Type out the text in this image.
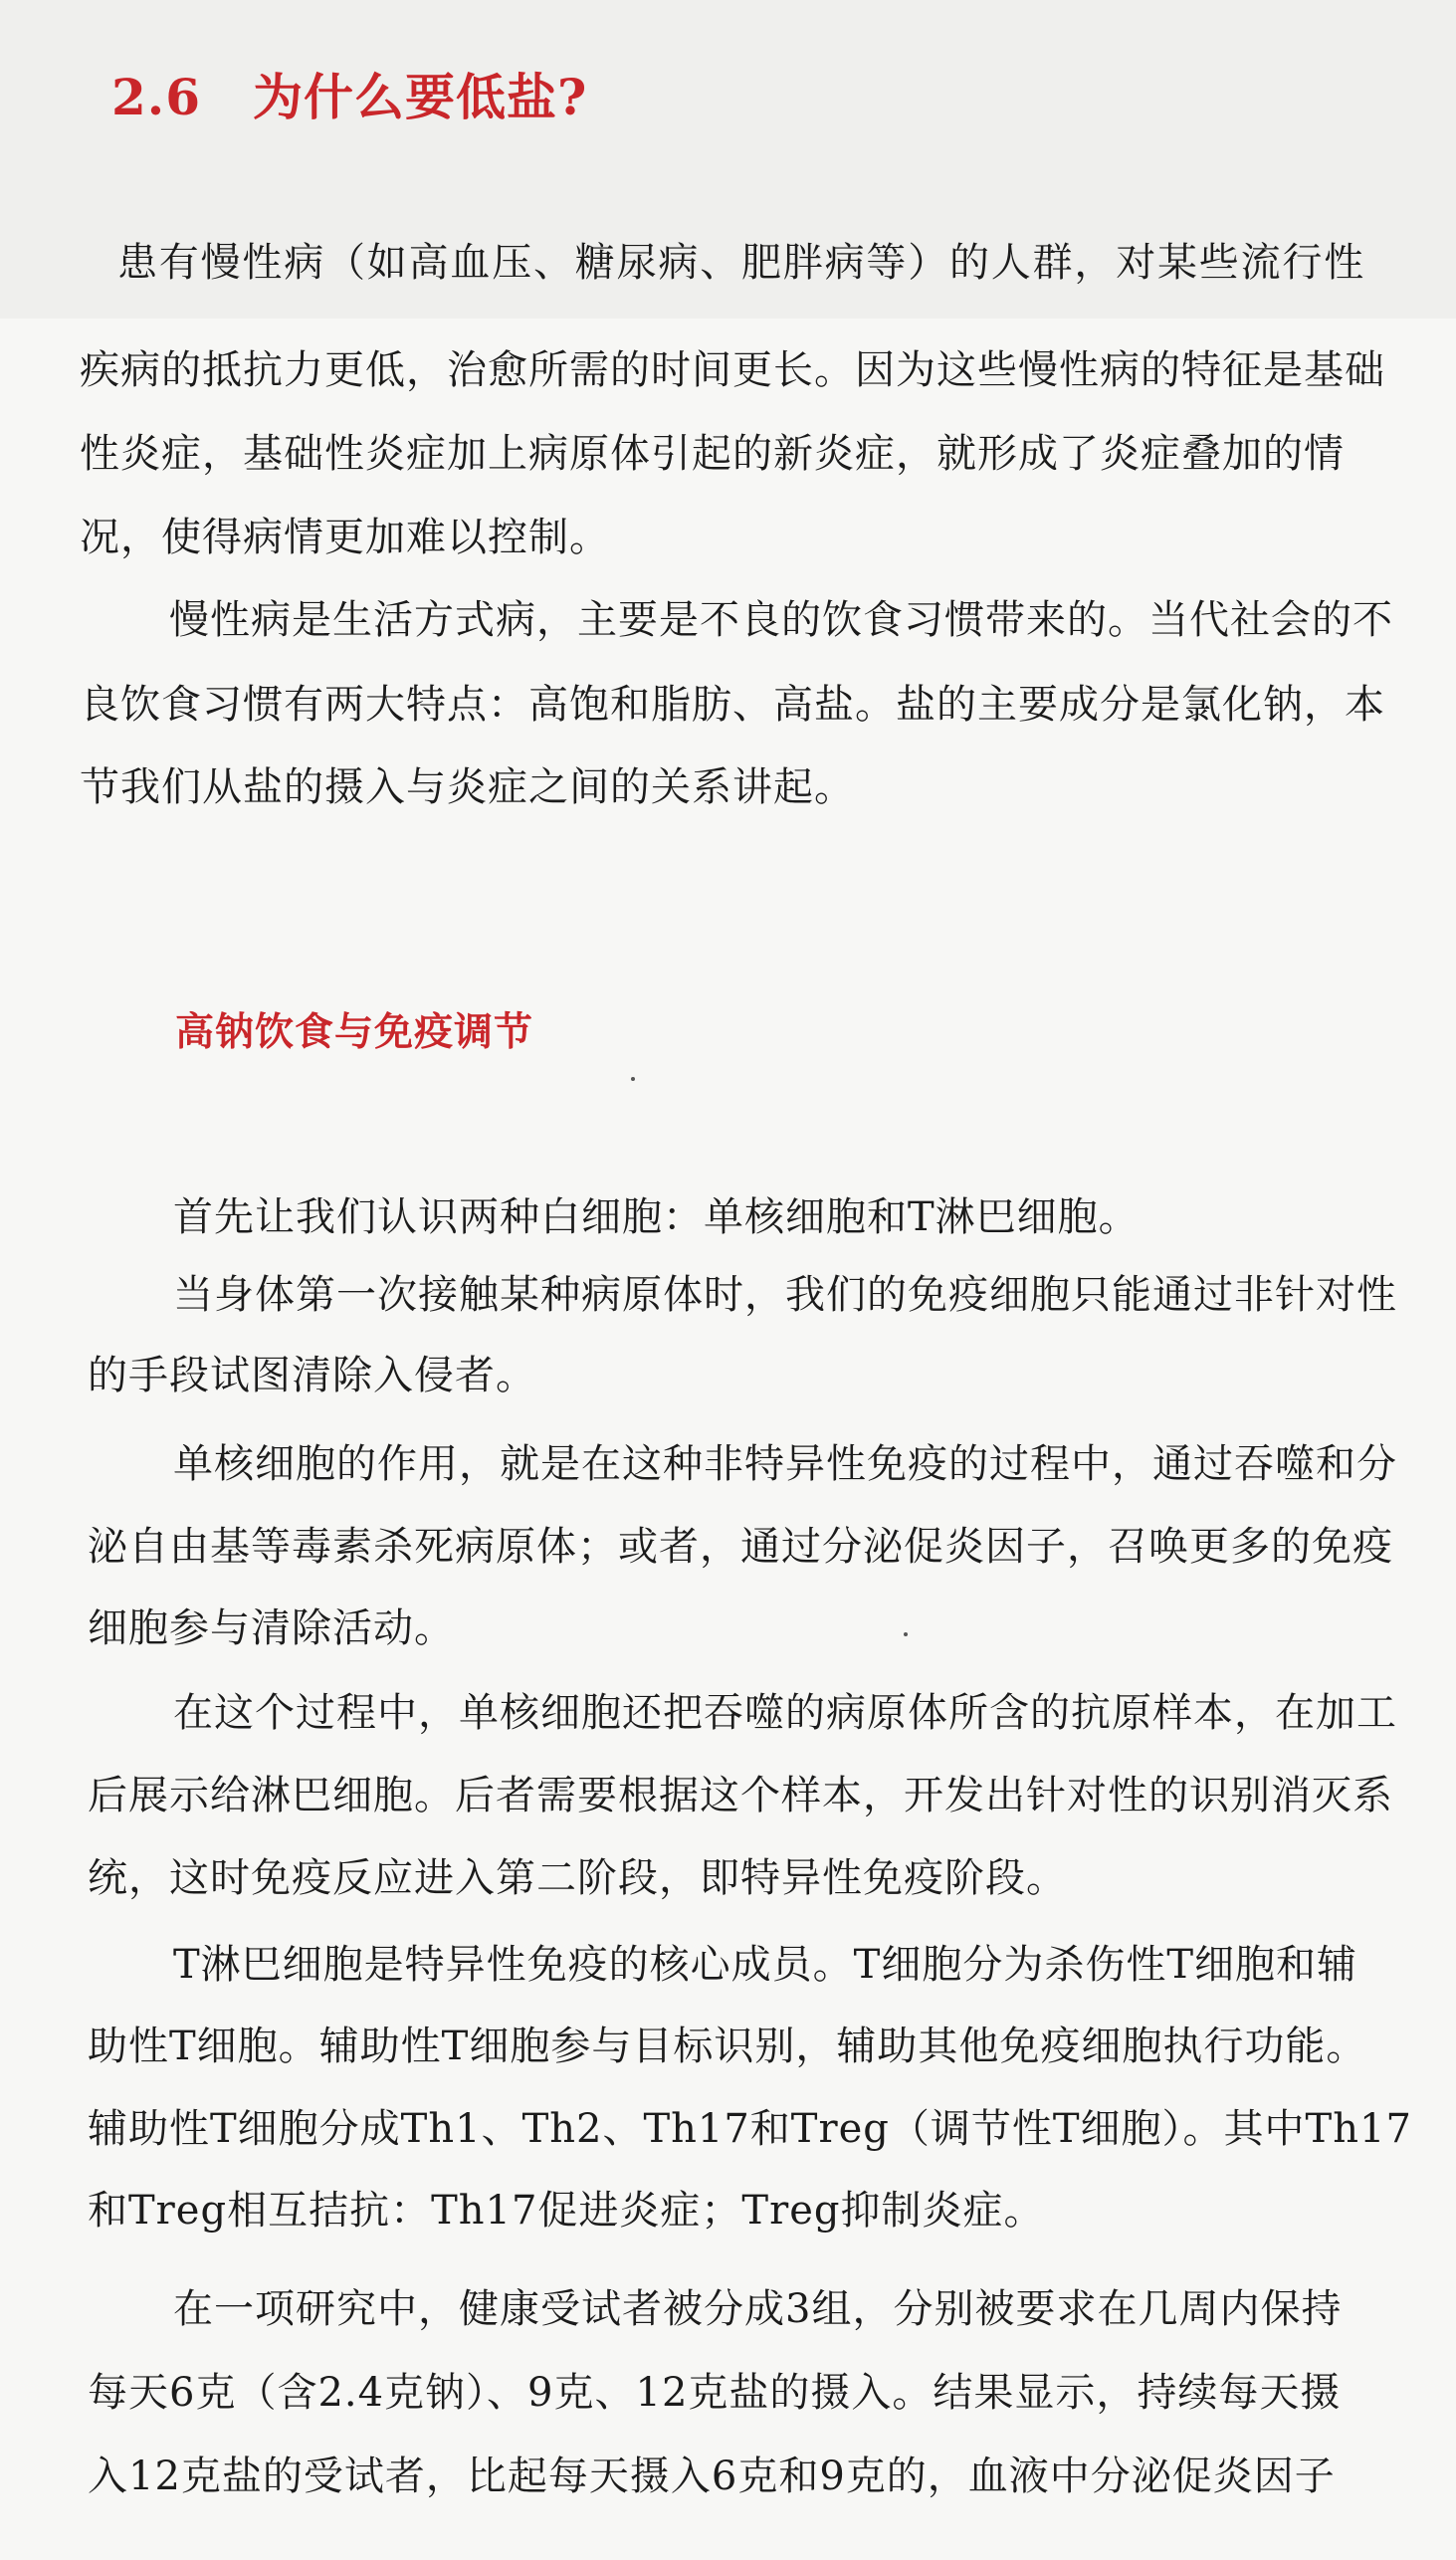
2.6 为什么要低盐?
患有慢性病（如高血压、糖尿病、肥胖病等）的人群，对某些流行性
疾病的抵抗力更低，治愈所需的时间更长。因为这些慢性病的特征是基础
性炎症，基础性炎症加上病原体引起的新炎症，就形成了炎症叠加的情
况，使得病情更加难以控制。
慢性病是生活方式病，主要是不良的饮食习惯带来的。当代社会的不
良饮食习惯有两大特点：高饱和脂肪、高盐。盐的主要成分是氯化钠，本
节我们从盐的摄入与炎症之间的关系讲起。
高钠饮食与免疫调节
首先让我们认识两种白细胞：单核细胞和T淋巴细胞。
当身体第一次接触某种病原体时，我们的免疫细胞只能通过非针对性
的手段试图清除入侵者。
单核细胞的作用，就是在这种非特异性免疫的过程中，通过吞噬和分
泌自由基等毒素杀死病原体；或者，通过分泌促炎因子，召唤更多的免疫
细胞参与清除活动。
在这个过程中，单核细胞还把吞噬的病原体所含的抗原样本，在加工
后展示给淋巴细胞。后者需要根据这个样本，开发出针对性的识别消灭系
统，这时免疫反应进入第二阶段，即特异性免疫阶段。
T淋巴细胞是特异性免疫的核心成员。T细胞分为杀伤性T细胞和辅
助性T细胞。辅助性T细胞参与目标识别，辅助其他免疫细胞执行功能。
辅助性T细胞分成Th1、Th2、Th17和Treg（调节性T细胞）。其中Th17
和Treg相互拮抗：Th17促进炎症；Treg抑制炎症。
在一项研究中，健康受试者被分成3组，分别被要求在几周内保持
每天6克（含2.4克钠）、9克、12克盐的摄入。结果显示，持续每天摄
入12克盐的受试者，比起每天摄入6克和9克的，血液中分泌促炎因子
